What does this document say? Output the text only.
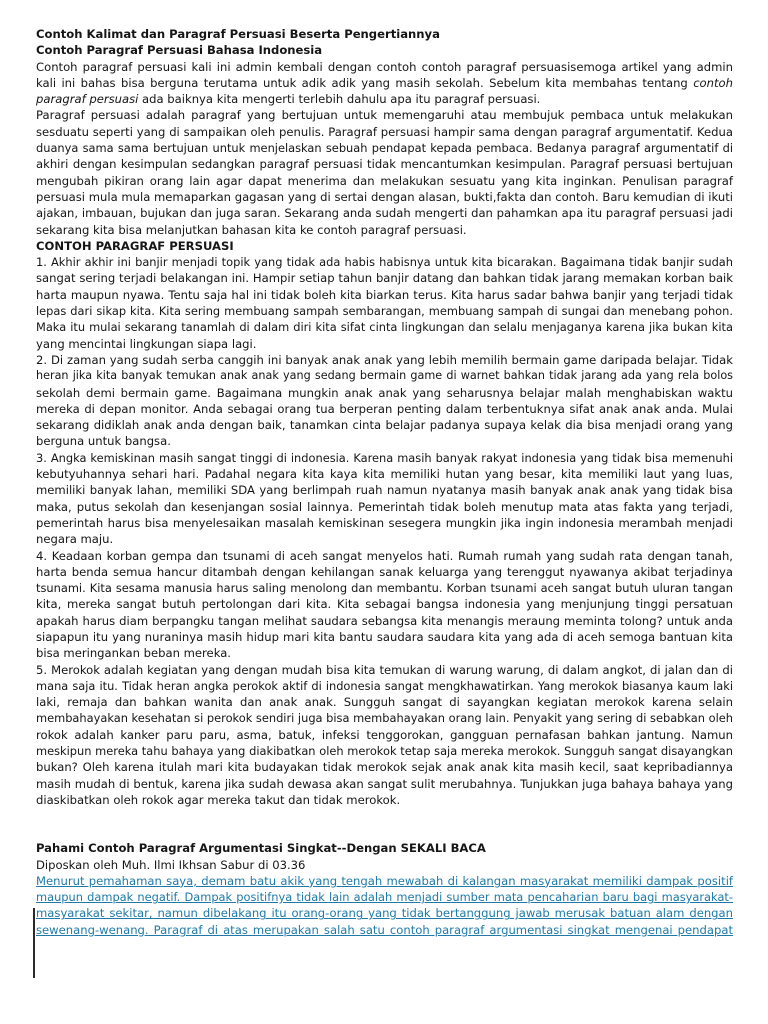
Contoh Kalimat dan Paragraf Persuasi Beserta Pengertiannya
Contoh Paragraf Persuasi Bahasa Indonesia
Contoh paragraf persuasi kali ini admin kembali dengan contoh contoh paragraf persuasisemoga artikel yang admin
kali ini bahas bisa berguna terutama untuk adik adik yang masih sekolah. Sebelum kita membahas tentang contoh
paragraf persuasi ada baiknya kita mengerti terlebih dahulu apa itu paragraf persuasi.
Paragraf persuasi adalah paragraf yang bertujuan untuk memengaruhi atau membujuk pembaca untuk melakukan
sesduatu seperti yang di sampaikan oleh penulis. Paragraf persuasi hampir sama dengan paragraf argumentatif. Kedua
duanya sama sama bertujuan untuk menjelaskan sebuah pendapat kepada pembaca. Bedanya paragraf argumentatif di
akhiri dengan kesimpulan sedangkan paragraf persuasi tidak mencantumkan kesimpulan. Paragraf persuasi bertujuan
mengubah pikiran orang lain agar dapat menerima dan melakukan sesuatu yang kita inginkan. Penulisan paragraf
persuasi mula mula memaparkan gagasan yang di sertai dengan alasan, bukti,fakta dan contoh. Baru kemudian di ikuti
ajakan, imbauan, bujukan dan juga saran. Sekarang anda sudah mengerti dan pahamkan apa itu paragraf persuasi jadi
sekarang kita bisa melanjutkan bahasan kita ke contoh paragraf persuasi.
CONTOH PARAGRAF PERSUASI
1. Akhir akhir ini banjir menjadi topik yang tidak ada habis habisnya untuk kita bicarakan. Bagaimana tidak banjir sudah
sangat sering terjadi belakangan ini. Hampir setiap tahun banjir datang dan bahkan tidak jarang memakan korban baik
harta maupun nyawa. Tentu saja hal ini tidak boleh kita biarkan terus. Kita harus sadar bahwa banjir yang terjadi tidak
lepas dari sikap kita. Kita sering membuang sampah sembarangan, membuang sampah di sungai dan menebang pohon.
Maka itu mulai sekarang tanamlah di dalam diri kita sifat cinta lingkungan dan selalu menjaganya karena jika bukan kita
yang mencintai lingkungan siapa lagi.
2. Di zaman yang sudah serba canggih ini banyak anak anak yang lebih memilih bermain game daripada belajar. Tidak
heran jika kita banyak temukan anak anak yang sedang bermain game di warnet bahkan tidak jarang ada yang rela bolos
sekolah demi bermain game. Bagaimana mungkin anak anak yang seharusnya belajar malah menghabiskan waktu
mereka di depan monitor. Anda sebagai orang tua berperan penting dalam terbentuknya sifat anak anak anda. Mulai
sekarang didiklah anak anda dengan baik, tanamkan cinta belajar padanya supaya kelak dia bisa menjadi orang yang
berguna untuk bangsa.
3. Angka kemiskinan masih sangat tinggi di indonesia. Karena masih banyak rakyat indonesia yang tidak bisa memenuhi
kebutyuhannya sehari hari. Padahal negara kita kaya kita memiliki hutan yang besar, kita memiliki laut yang luas,
memiliki banyak lahan, memiliki SDA yang berlimpah ruah namun nyatanya masih banyak anak anak yang tidak bisa
maka, putus sekolah dan kesenjangan sosial lainnya. Pemerintah tidak boleh menutup mata atas fakta yang terjadi,
pemerintah harus bisa menyelesaikan masalah kemiskinan sesegera mungkin jika ingin indonesia merambah menjadi
negara maju.
4. Keadaan korban gempa dan tsunami di aceh sangat menyelos hati. Rumah rumah yang sudah rata dengan tanah,
harta benda semua hancur ditambah dengan kehilangan sanak keluarga yang terenggut nyawanya akibat terjadinya
tsunami. Kita sesama manusia harus saling menolong dan membantu. Korban tsunami aceh sangat butuh uluran tangan
kita, mereka sangat butuh pertolongan dari kita. Kita sebagai bangsa indonesia yang menjunjung tinggi persatuan
apakah harus diam berpangku tangan melihat saudara sebangsa kita menangis meraung meminta tolong? untuk anda
siapapun itu yang nuraninya masih hidup mari kita bantu saudara saudara kita yang ada di aceh semoga bantuan kita
bisa meringankan beban mereka.
5. Merokok adalah kegiatan yang dengan mudah bisa kita temukan di warung warung, di dalam angkot, di jalan dan di
mana saja itu. Tidak heran angka perokok aktif di indonesia sangat mengkhawatirkan. Yang merokok biasanya kaum laki
laki, remaja dan bahkan wanita dan anak anak. Sungguh sangat di sayangkan kegiatan merokok karena selain
membahayakan kesehatan si perokok sendiri juga bisa membahayakan orang lain. Penyakit yang sering di sebabkan oleh
rokok adalah kanker paru paru, asma, batuk, infeksi tenggorokan, gangguan pernafasan bahkan jantung. Namun
meskipun mereka tahu bahaya yang diakibatkan oleh merokok tetap saja mereka merokok. Sungguh sangat disayangkan
bukan? Oleh karena itulah mari kita budayakan tidak merokok sejak anak anak kita masih kecil, saat kepribadiannya
masih mudah di bentuk, karena jika sudah dewasa akan sangat sulit merubahnya. Tunjukkan juga bahaya bahaya yang
diaskibatkan oleh rokok agar mereka takut dan tidak merokok.
Pahami Contoh Paragraf Argumentasi Singkat--Dengan SEKALI BACA
Diposkan oleh Muh. Ilmi Ikhsan Sabur di 03.36
Menurut pemahaman saya, demam batu akik yang tengah mewabah di kalangan masyarakat memiliki dampak positif
maupun dampak negatif. Dampak positifnya tidak lain adalah menjadi sumber mata pencaharian baru bagi masyarakat-
masyarakat sekitar, namun dibelakang itu orang-orang yang tidak bertanggung jawab merusak batuan alam dengan
sewenang-wenang. Paragraf di atas merupakan salah satu contoh paragraf argumentasi singkat mengenai pendapat
